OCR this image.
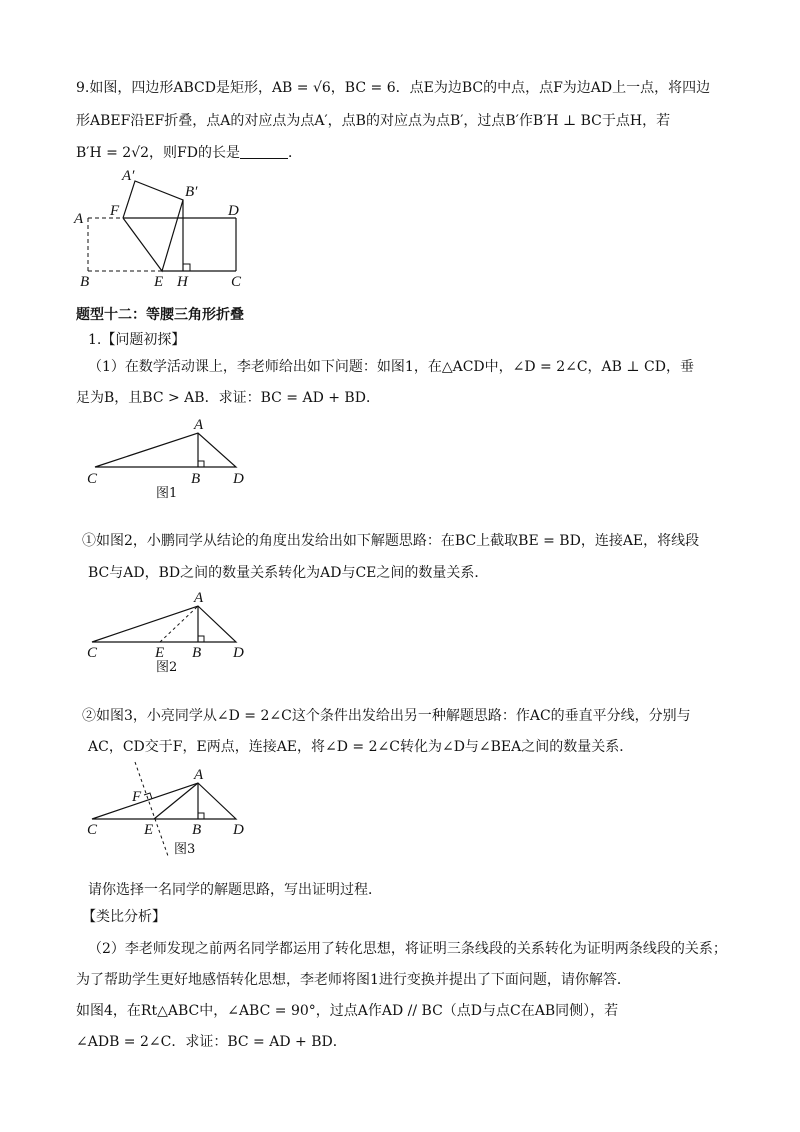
9.如图，四边形ABCD是矩形，AB = √6，BC = 6．点E为边BC的中点，点F为边AD上一点，将四边
形ABEF沿EF折叠，点A的对应点为点A′，点B的对应点为点B′，过点B′作B′H ⊥ BC于点H，若
B′H = 2√2，则FD的长是	．
A′
B′
A F	D
B	E H	C
题型十二：等腰三角形折叠
1.【问题初探】
（1）在数学活动课上，李老师给出如下问题：如图1，在△ACD中，∠D = 2∠C，AB ⊥ CD，垂
足为B，且BC > AB．求证：BC = AD + BD．
A
C	B D
图1
①如图2，小鹏同学从结论的角度出发给出如下解题思路：在BC上截取BE = BD，连接AE，将线段
BC与AD，BD之间的数量关系转化为AD与CE之间的数量关系．
A
C	E B D
图2
②如图3，小亮同学从∠D = 2∠C这个条件出发给出另一种解题思路：作AC的垂直平分线，分别与
AC，CD交于F，E两点，连接AE，将∠D = 2∠C转化为∠D与∠BEA之间的数量关系．
A
F
C	E	B D
图3
请你选择一名同学的解题思路，写出证明过程．
【类比分析】
（2）李老师发现之前两名同学都运用了转化思想，将证明三条线段的关系转化为证明两条线段的关系；
为了帮助学生更好地感悟转化思想，李老师将图1进行变换并提出了下面问题，请你解答．
如图4，在Rt△ABC中，∠ABC = 90°，过点A作AD // BC（点D与点C在AB同侧），若
∠ADB = 2∠C．求证：BC = AD + BD．
